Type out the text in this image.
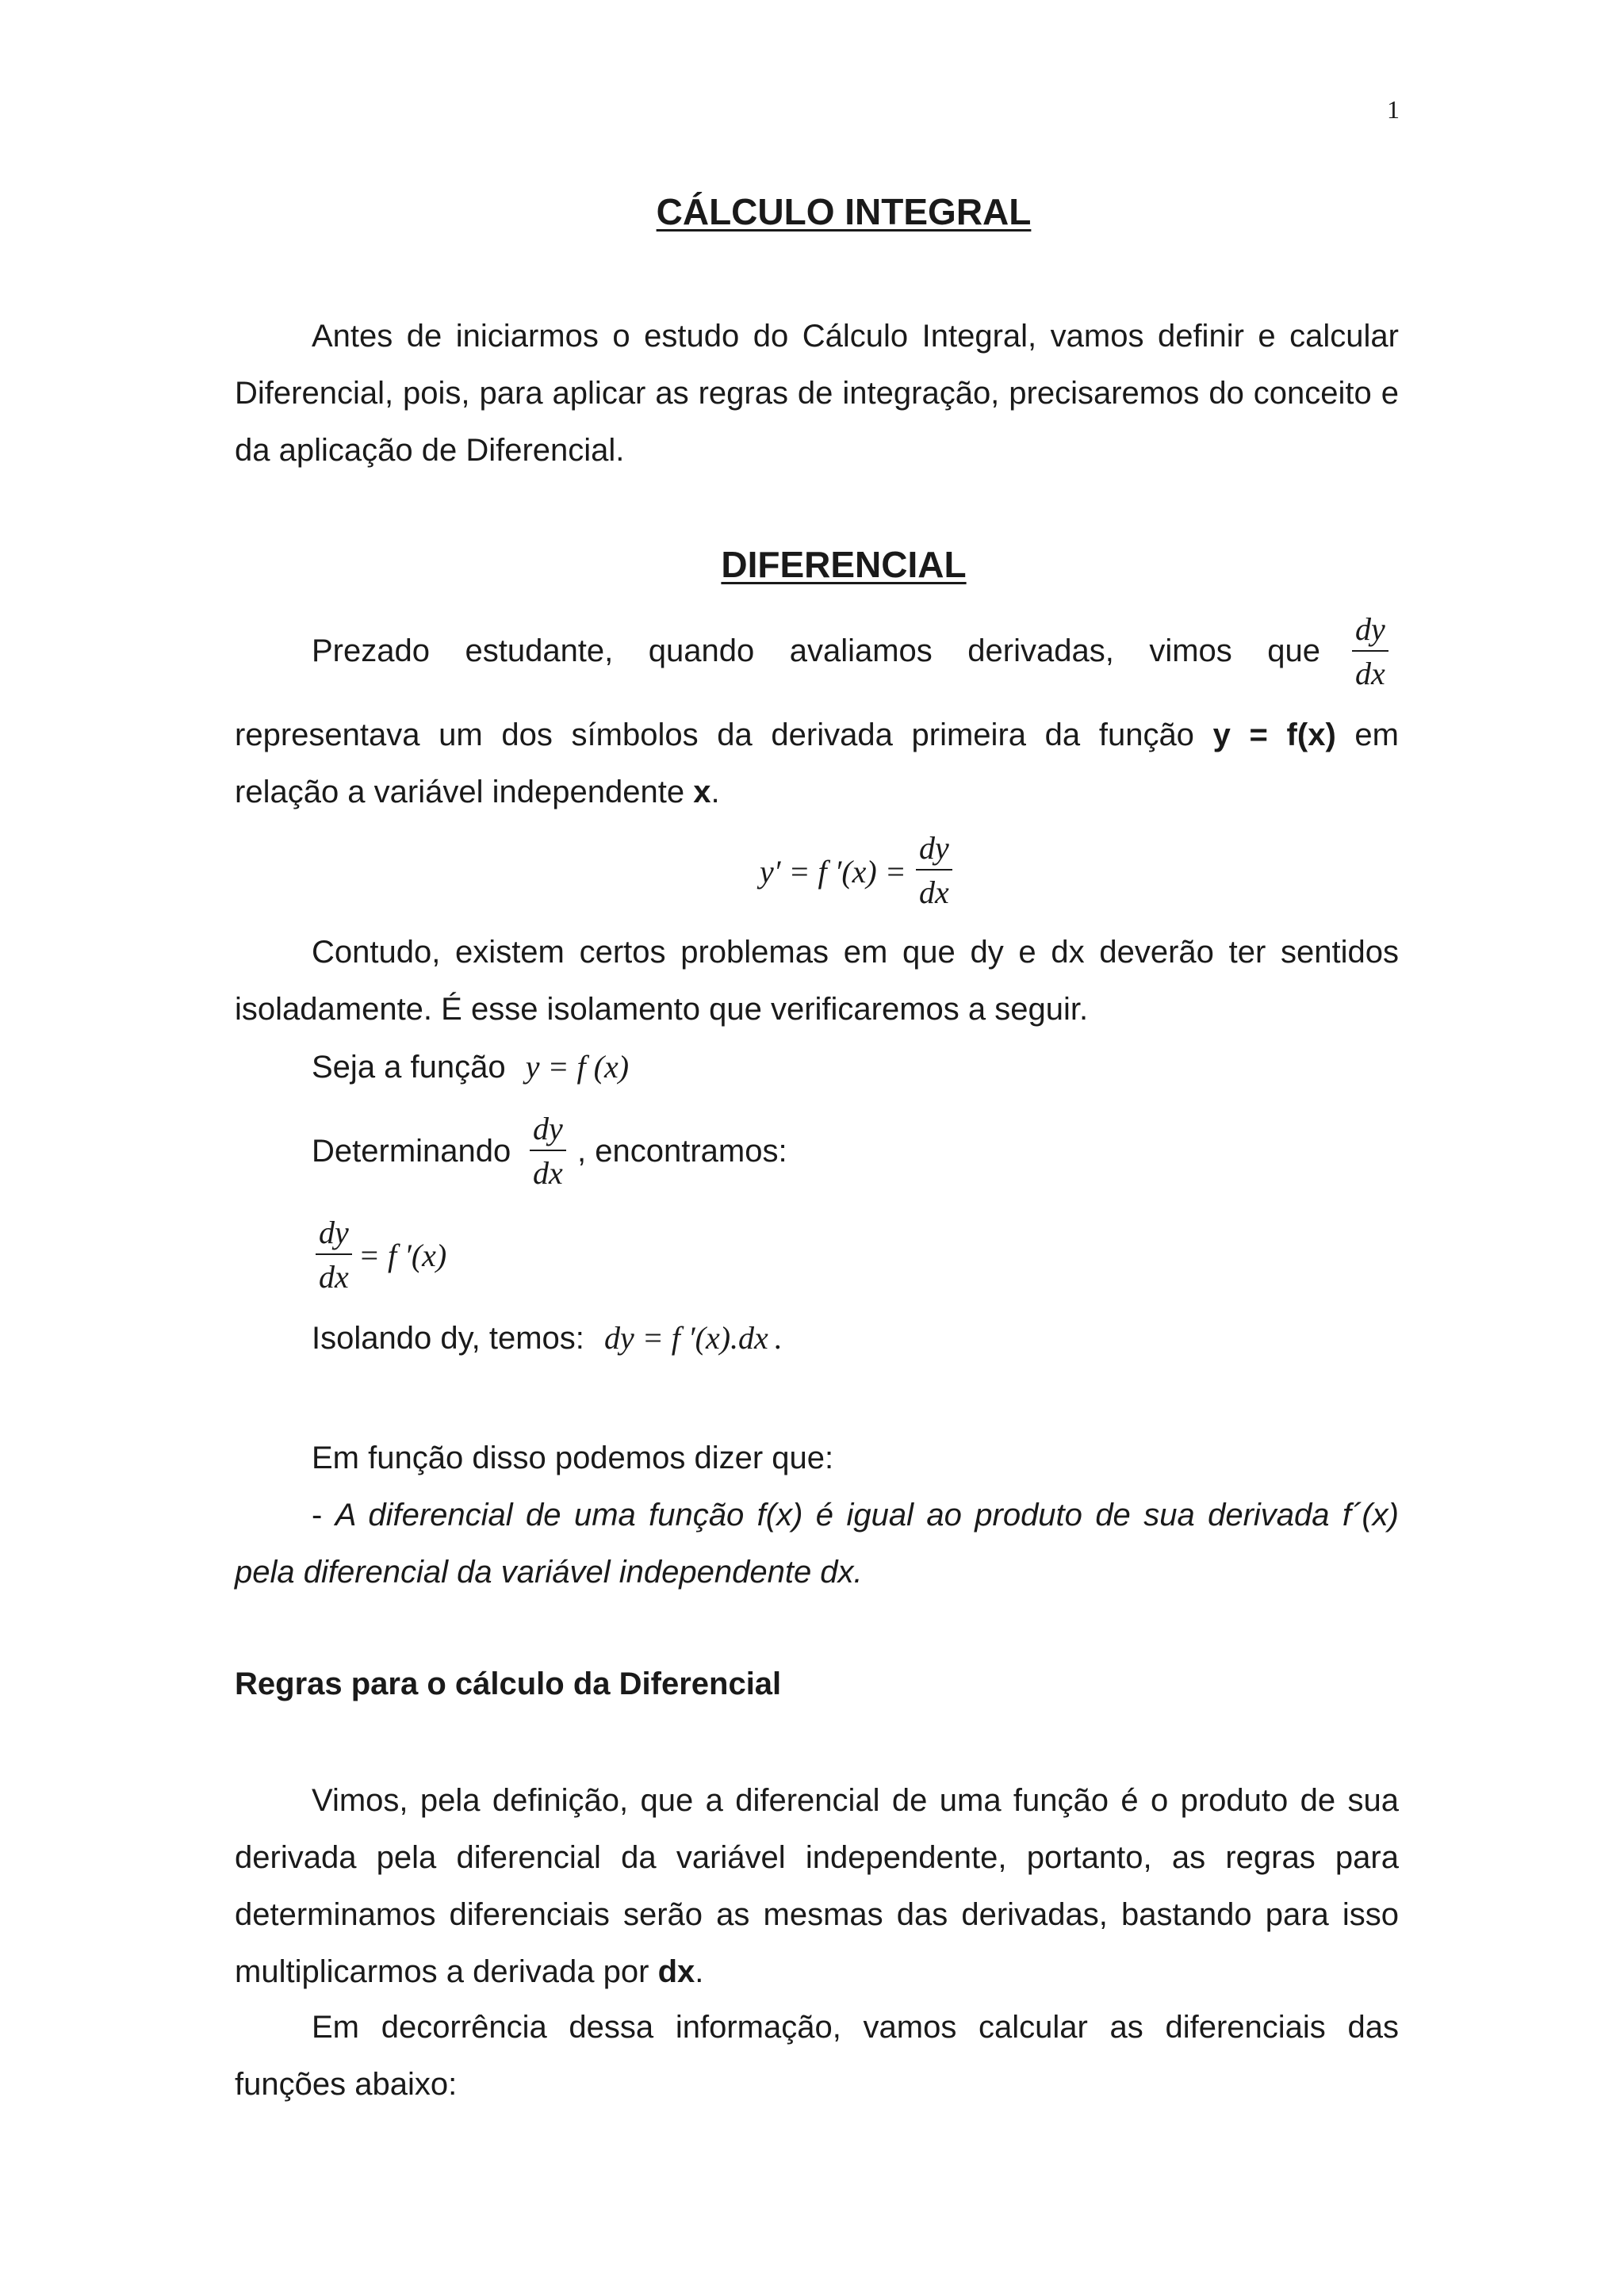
1
CÁLCULO INTEGRAL

Antes de iniciarmos o estudo do Cálculo Integral, vamos definir e calcular Diferencial, pois, para aplicar as regras de integração, precisaremos do conceito e da aplicação de Diferencial.

DIFERENCIAL
Prezado estudante, quando avaliamos derivadas, vimos que $\frac{dy}{dx}$
representava um dos símbolos da derivada primeira da função y = f(x) em
relação a variável independente x.
y′ = f $'(x) = \frac{dy}{dx}$

Contudo, existem certos problemas em que dy e dx deverão ter sentidos isoladamente. É esse isolamento que verificaremos a seguir.

Seja a função y = f (x)
Determinando $\frac{dy}{dx}$ , encontramos:
$\frac{dy}{dx} = f$ ′(x)
Isolando dy, temos: dy = f ′(x).dx .
Em função disso podemos dizer que:

- A diferencial de uma função f(x) é igual ao produto de sua derivada f´(x) pela diferencial da variável independente dx.

Regras para o cálculo da Diferencial

Vimos, pela definição, que a diferencial de uma função é o produto de sua derivada pela diferencial da variável independente, portanto, as regras para determinamos diferenciais serão as mesmas das derivadas, bastando para isso multiplicarmos a derivada por dx.

Em decorrência dessa informação, vamos calcular as diferenciais das funções abaixo:
